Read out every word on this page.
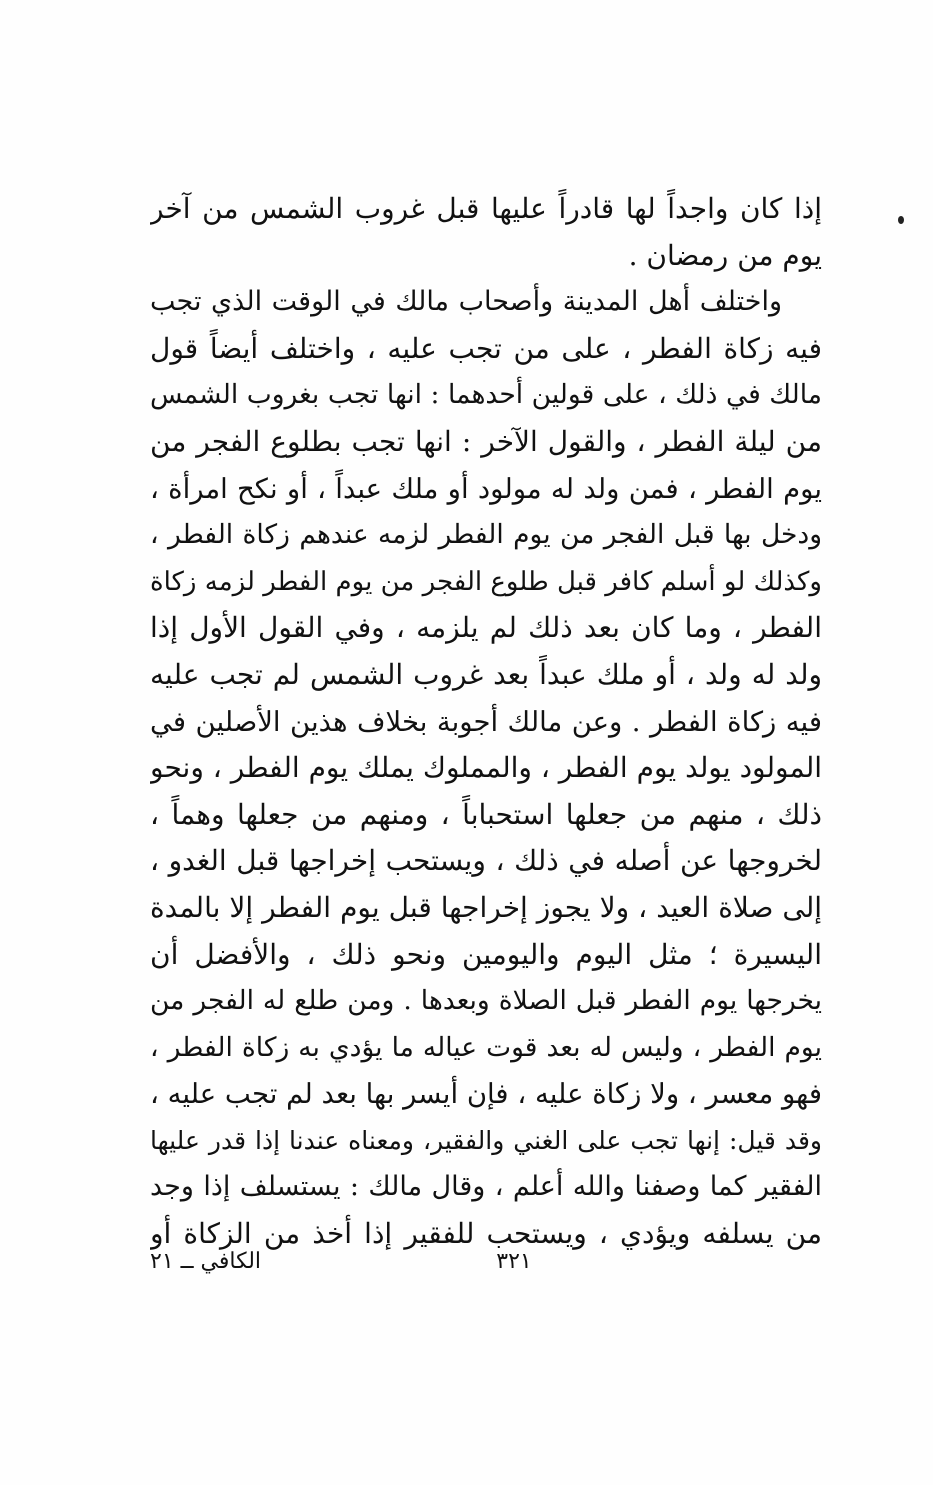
إذا كان واجداً لها قادراً عليها قبل غروب الشمس من آخر
يوم من رمضان .
واختلف أهل المدينة وأصحاب مالك في الوقت الذي تجب
فيه زكاة الفطر ، على من تجب عليه ، واختلف أيضاً قول
مالك في ذلك ، على قولين أحدهما : انها تجب بغروب الشمس
من ليلة الفطر ، والقول الآخر : انها تجب بطلوع الفجر من
يوم الفطر ، فمن ولد له مولود أو ملك عبداً ، أو نكح امرأة ،
ودخل بها قبل الفجر من يوم الفطر لزمه عندهم زكاة الفطر ،
وكذلك لو أسلم كافر قبل طلوع الفجر من يوم الفطر لزمه زكاة
الفطر ، وما كان بعد ذلك لم يلزمه ، وفي القول الأول إذا
ولد له ولد ، أو ملك عبداً بعد غروب الشمس لم تجب عليه
فيه زكاة الفطر . وعن مالك أجوبة بخلاف هذين الأصلين في
المولود يولد يوم الفطر ، والمملوك يملك يوم الفطر ، ونحو
ذلك ، منهم من جعلها استحباباً ، ومنهم من جعلها وهماً ،
لخروجها عن أصله في ذلك ، ويستحب إخراجها قبل الغدو ،
إلى صلاة العيد ، ولا يجوز إخراجها قبل يوم الفطر إلا بالمدة
اليسيرة ؛ مثل اليوم واليومين ونحو ذلك ، والأفضل أن
يخرجها يوم الفطر قبل الصلاة وبعدها . ومن طلع له الفجر من
يوم الفطر ، وليس له بعد قوت عياله ما يؤدي به زكاة الفطر ،
فهو معسر ، ولا زكاة عليه ، فإن أيسر بها بعد لم تجب عليه ،
وقد قيل: إنها تجب على الغني والفقير، ومعناه عندنا إذا قدر عليها
الفقير كما وصفنا والله أعلم ، وقال مالك : يستسلف إذا وجد
من يسلفه ويؤدي ، ويستحب للفقير إذا أخذ من الزكاة أو
٣٢١
الكافي ــ ٢١
